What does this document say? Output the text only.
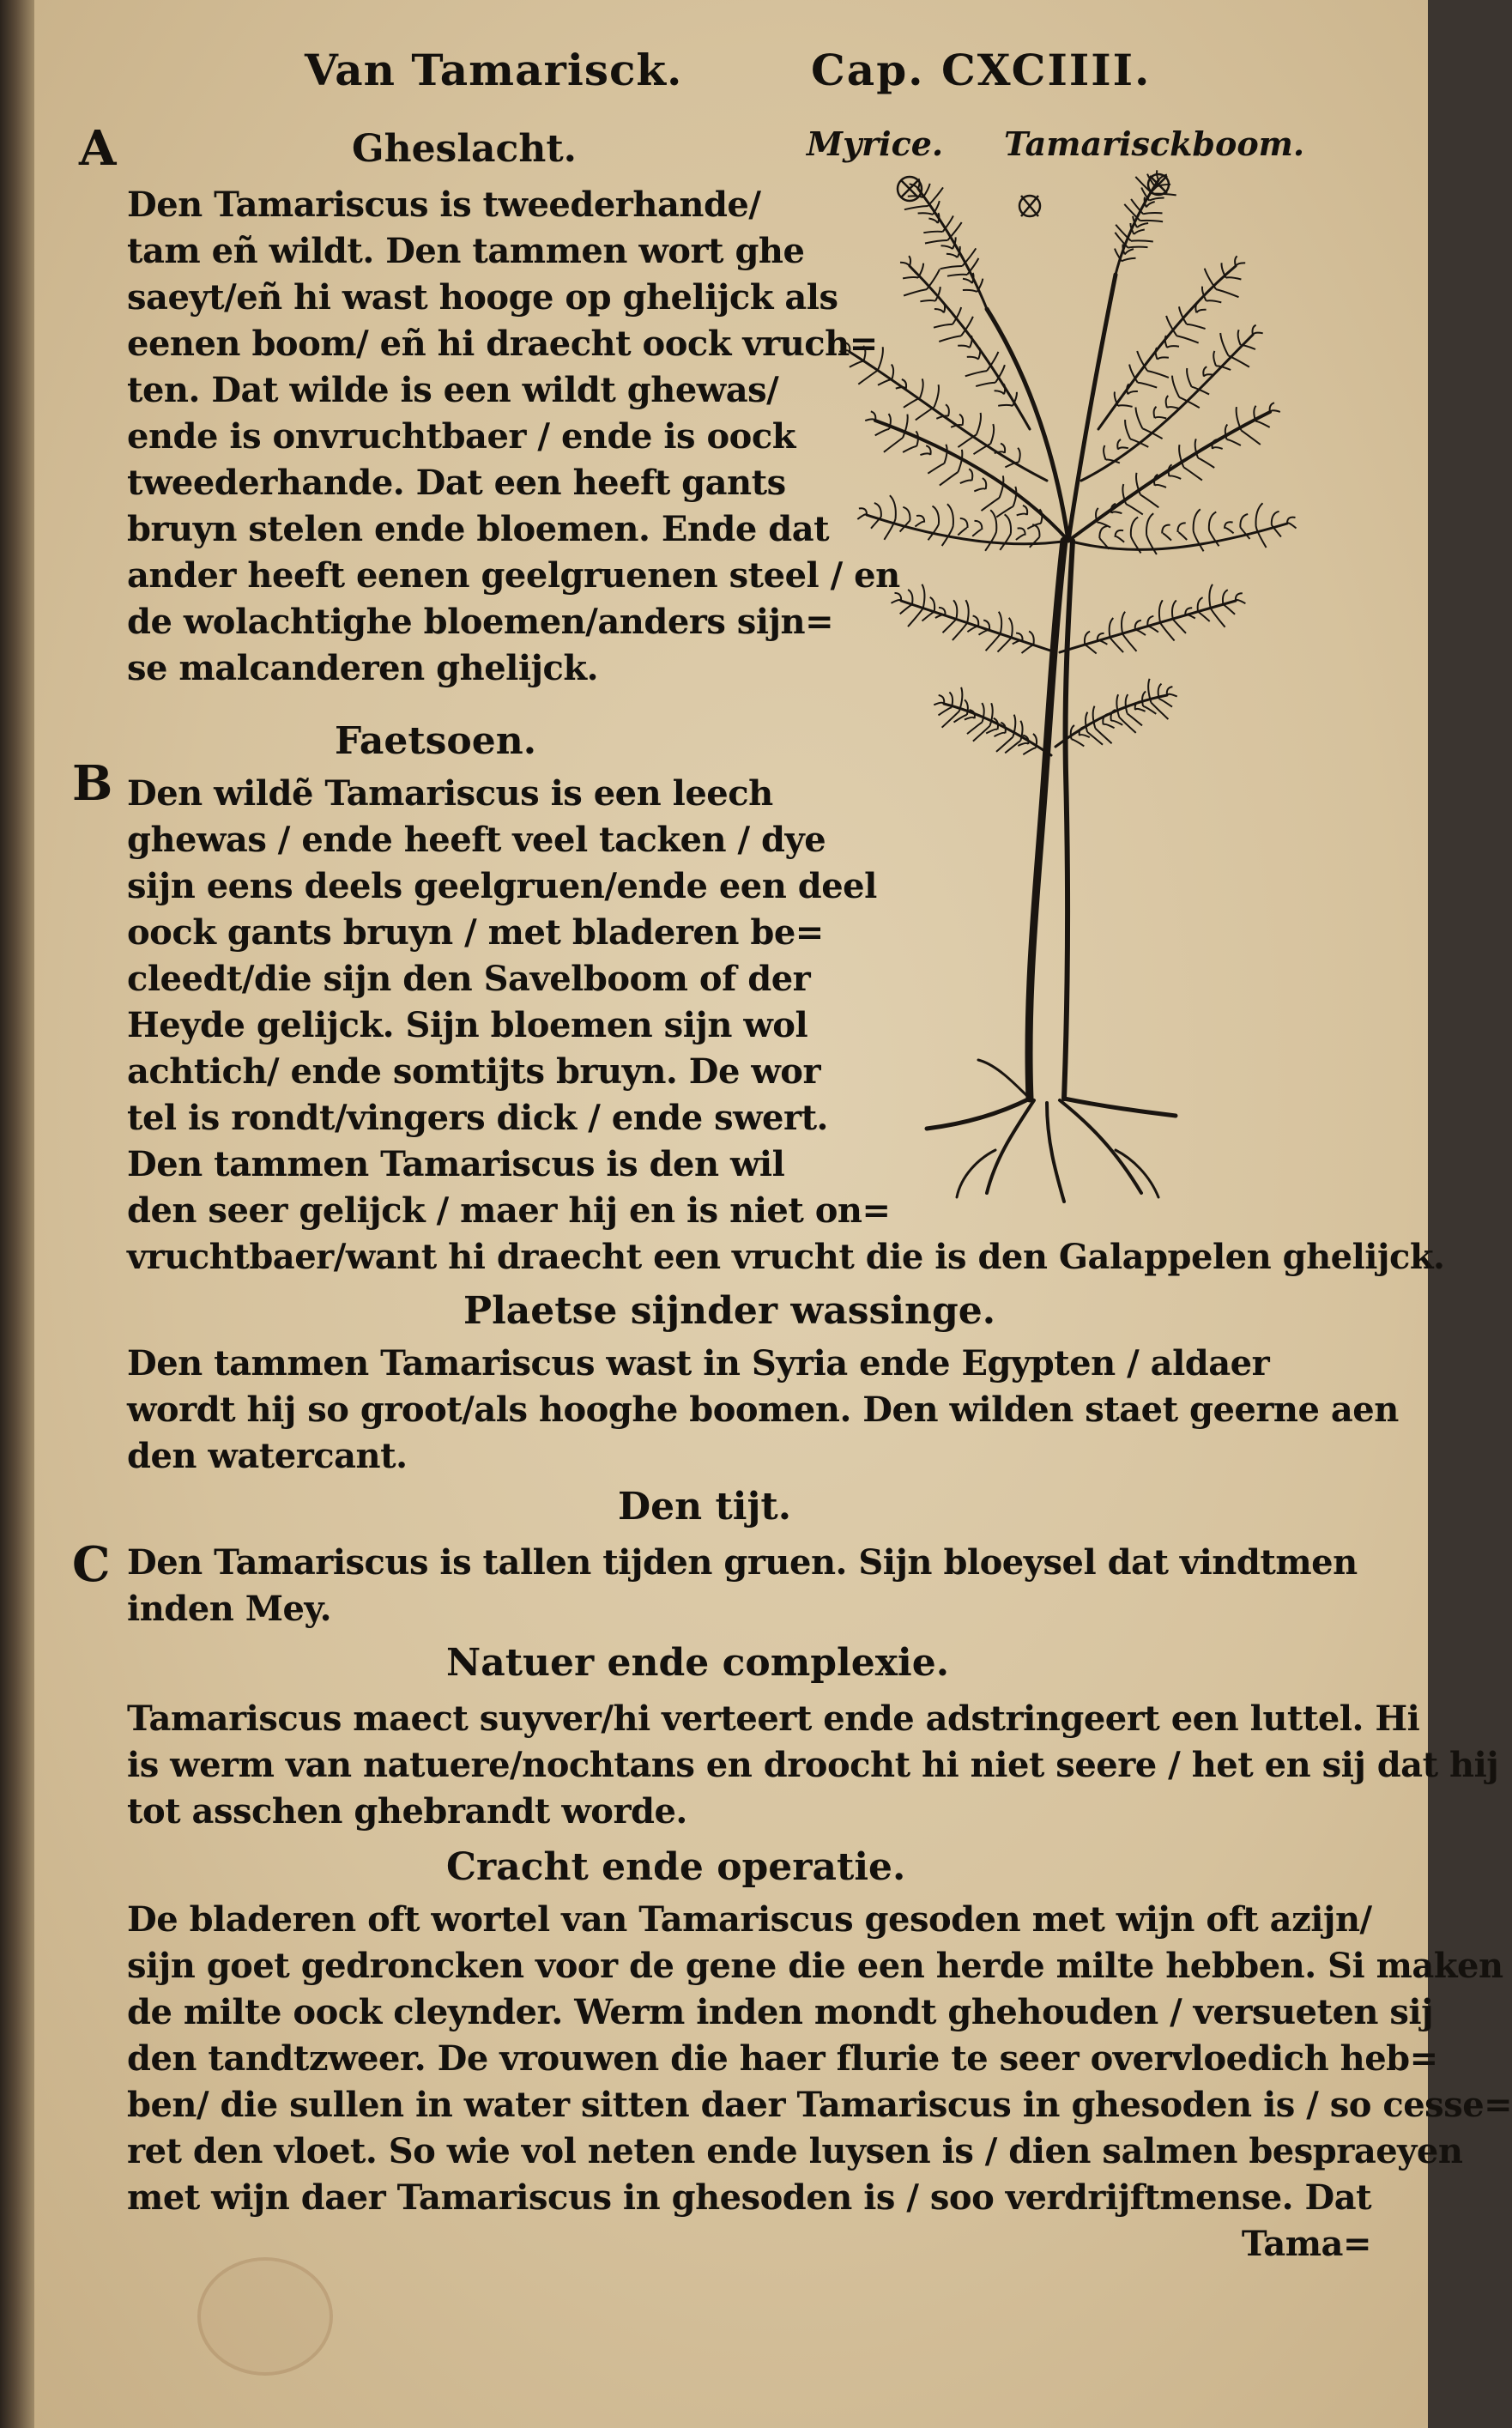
Van Tamarisck.	Cap. CXCIIII.
A
B
C
Gheslacht.
Den Tamariscus is tweederhande/
tam eñ wildt. Den tammen wort ghe
saeyt/eñ hi wast hooge op ghelijck als
eenen boom/ eñ hi draecht oock vruch=
ten. Dat wilde is een wildt ghewas/
ende is onvruchtbaer / ende is oock
tweederhande. Dat een heeft gants
bruyn stelen ende bloemen. Ende dat
ander heeft eenen geelgruenen steel / en
de wolachtighe bloemen/anders sijn=
se malcanderen ghelijck.
Faetsoen.
Den wildẽ Tamariscus is een leech
ghewas / ende heeft veel tacken / dye
sijn eens deels geelgruen/ende een deel
oock gants bruyn / met bladeren be=
cleedt/die sijn den Savelboom of der
Heyde gelijck. Sijn bloemen sijn wol
achtich/ ende somtijts bruyn. De wor
tel is rondt/vingers dick / ende swert.
Den tammen Tamariscus is den wil
den seer gelijck / maer hij en is niet on=
vruchtbaer/want hi draecht een vrucht die is den Galappelen ghelijck.
Plaetse sijnder wassinge.
Den tammen Tamariscus wast in Syria ende Egypten / aldaer
wordt hij so groot/als hooghe boomen. Den wilden staet geerne aen
den watercant.
Den tijt.
Den Tamariscus is tallen tijden gruen. Sijn bloeysel dat vindtmen
inden Mey.
Natuer ende complexie.
Tamariscus maect suyver/hi verteert ende adstringeert een luttel. Hi
is werm van natuere/nochtans en droocht hi niet seere / het en sij dat hij
tot asschen ghebrandt worde.
Cracht ende operatie.
De bladeren oft wortel van Tamariscus gesoden met wijn oft azijn/
sijn goet gedroncken voor de gene die een herde milte hebben. Si maken
de milte oock cleynder. Werm inden mondt ghehouden / versueten sij
den tandtzweer. De vrouwen die haer flurie te seer overvloedich heb=
ben/ die sullen in water sitten daer Tamariscus in ghesoden is / so cesse=
ret den vloet. So wie vol neten ende luysen is / dien salmen bespraeyen
met wijn daer Tamariscus in ghesoden is / soo verdrijftmense. Dat
Tama=
Myrice. Tamarisckboom.
